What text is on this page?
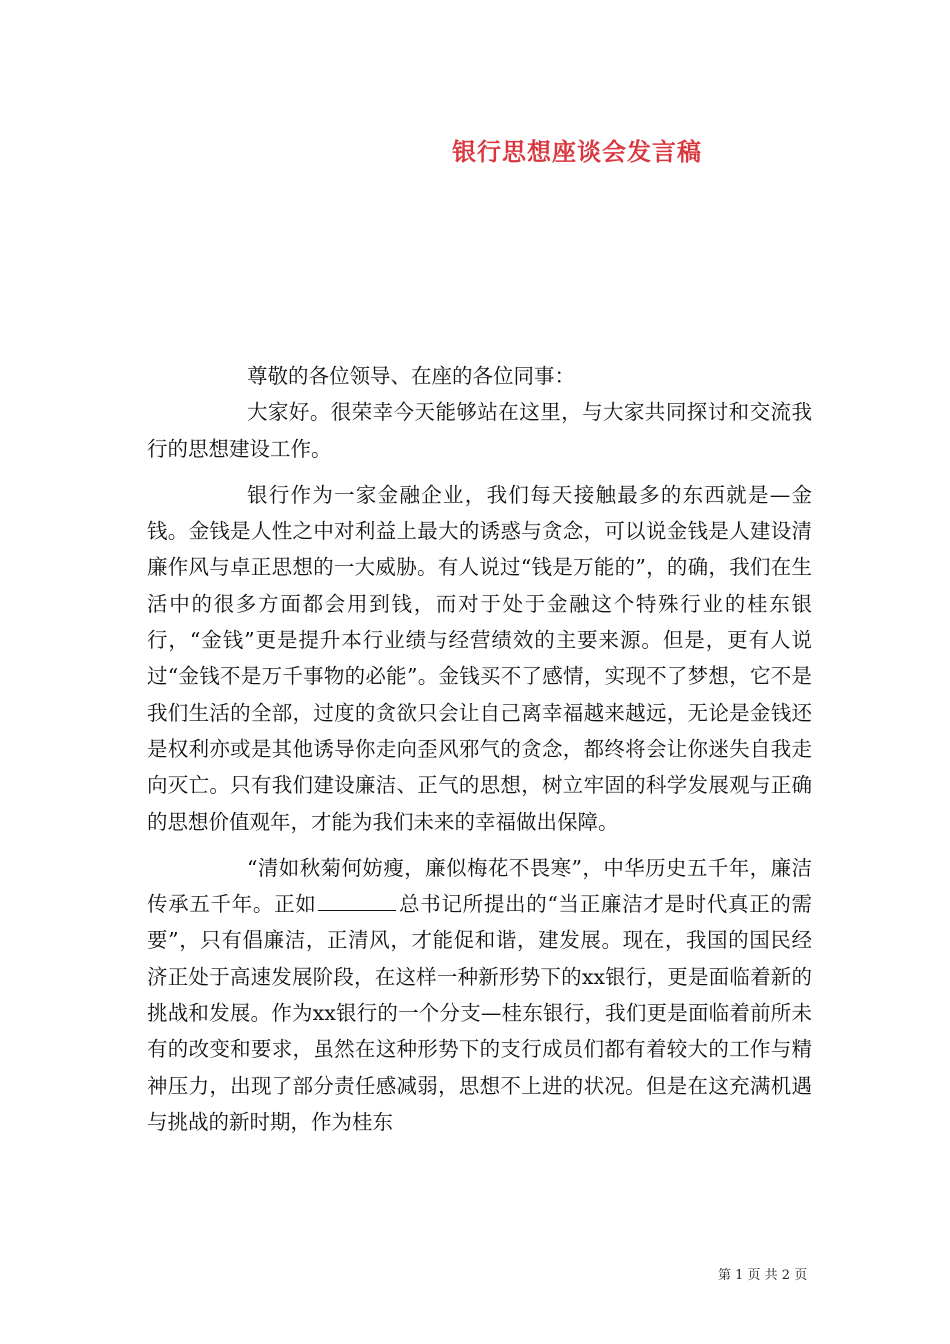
银行思想座谈会发言稿

尊敬的各位领导、在座的各位同事：

大家好。很荣幸今天能够站在这里，与大家共同探讨和交流我行的思想建设工作。

银行作为一家金融企业，我们每天接触最多的东西就是—金钱。金钱是人性之中对利益上最大的诱惑与贪念，可以说金钱是人建设清廉作风与卓正思想的一大威胁。有人说过“钱是万能的”，的确，我们在生活中的很多方面都会用到钱，而对于处于金融这个特殊行业的桂东银行，“金钱”更是提升本行业绩与经营绩效的主要来源。但是，更有人说过“金钱不是万千事物的必能”。金钱买不了感情，实现不了梦想，它不是我们生活的全部，过度的贪欲只会让自己离幸福越来越远，无论是金钱还是权利亦或是其他诱导你走向歪风邪气的贪念，都终将会让你迷失自我走向灭亡。只有我们建设廉洁、正气的思想，树立牢固的科学发展观与正确的思想价值观年，才能为我们未来的幸福做出保障。

“清如秋菊何妨瘦，廉似梅花不畏寒”，中华历史五千年，廉洁传承五千年。正如	总书记所提出的“当正廉洁才是时代真正的需要”，只有倡廉洁，正清风，才能促和谐，建发展。现在，我国的国民经济正处于高速发展阶段，在这样一种新形势下的xx银行，更是面临着新的挑战和发展。作为xx银行的一个分支—桂东银行，我们更是面临着前所未有的改变和要求，虽然在这种形势下的支行成员们都有着较大的工作与精神压力，出现了部分责任感减弱，思想不上进的状况。但是在这充满机遇与挑战的新时期，作为桂东

第 1 页 共 2 页
